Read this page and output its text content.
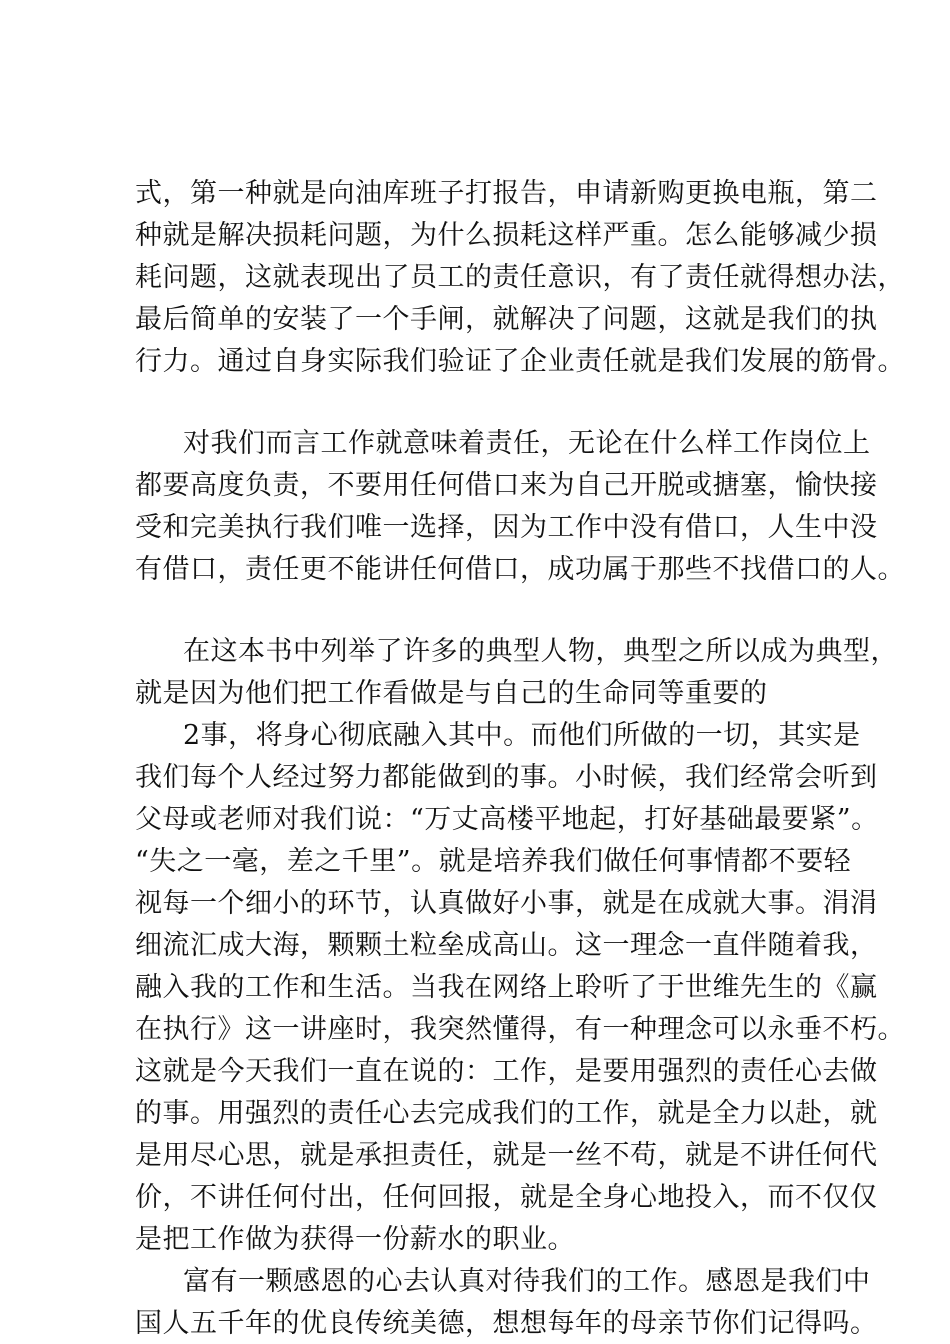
式，第一种就是向油库班子打报告，申请新购更换电瓶，第二
种就是解决损耗问题，为什么损耗这样严重。怎么能够减少损
耗问题，这就表现出了员工的责任意识，有了责任就得想办法，
最后简单的安装了一个手闸，就解决了问题，这就是我们的执
行力。通过自身实际我们验证了企业责任就是我们发展的筋骨。
对我们而言工作就意味着责任，无论在什么样工作岗位上
都要高度负责，不要用任何借口来为自己开脱或搪塞，愉快接
受和完美执行我们唯一选择，因为工作中没有借口，人生中没
有借口，责任更不能讲任何借口，成功属于那些不找借口的人。
在这本书中列举了许多的典型人物，典型之所以成为典型，
就是因为他们把工作看做是与自己的生命同等重要的
2事，将身心彻底融入其中。而他们所做的一切，其实是
我们每个人经过努力都能做到的事。小时候，我们经常会听到
父母或老师对我们说：“万丈高楼平地起，打好基础最要紧”。
“失之一毫，差之千里”。就是培养我们做任何事情都不要轻
视每一个细小的环节，认真做好小事，就是在成就大事。涓涓
细流汇成大海，颗颗土粒垒成高山。这一理念一直伴随着我，
融入我的工作和生活。当我在网络上聆听了于世维先生的《赢
在执行》这一讲座时，我突然懂得，有一种理念可以永垂不朽。
这就是今天我们一直在说的：工作，是要用强烈的责任心去做
的事。用强烈的责任心去完成我们的工作，就是全力以赴，就
是用尽心思，就是承担责任，就是一丝不苟，就是不讲任何代
价，不讲任何付出，任何回报，就是全身心地投入，而不仅仅
是把工作做为获得一份薪水的职业。
富有一颗感恩的心去认真对待我们的工作。感恩是我们中
国人五千年的优良传统美德，想想每年的母亲节你们记得吗。
